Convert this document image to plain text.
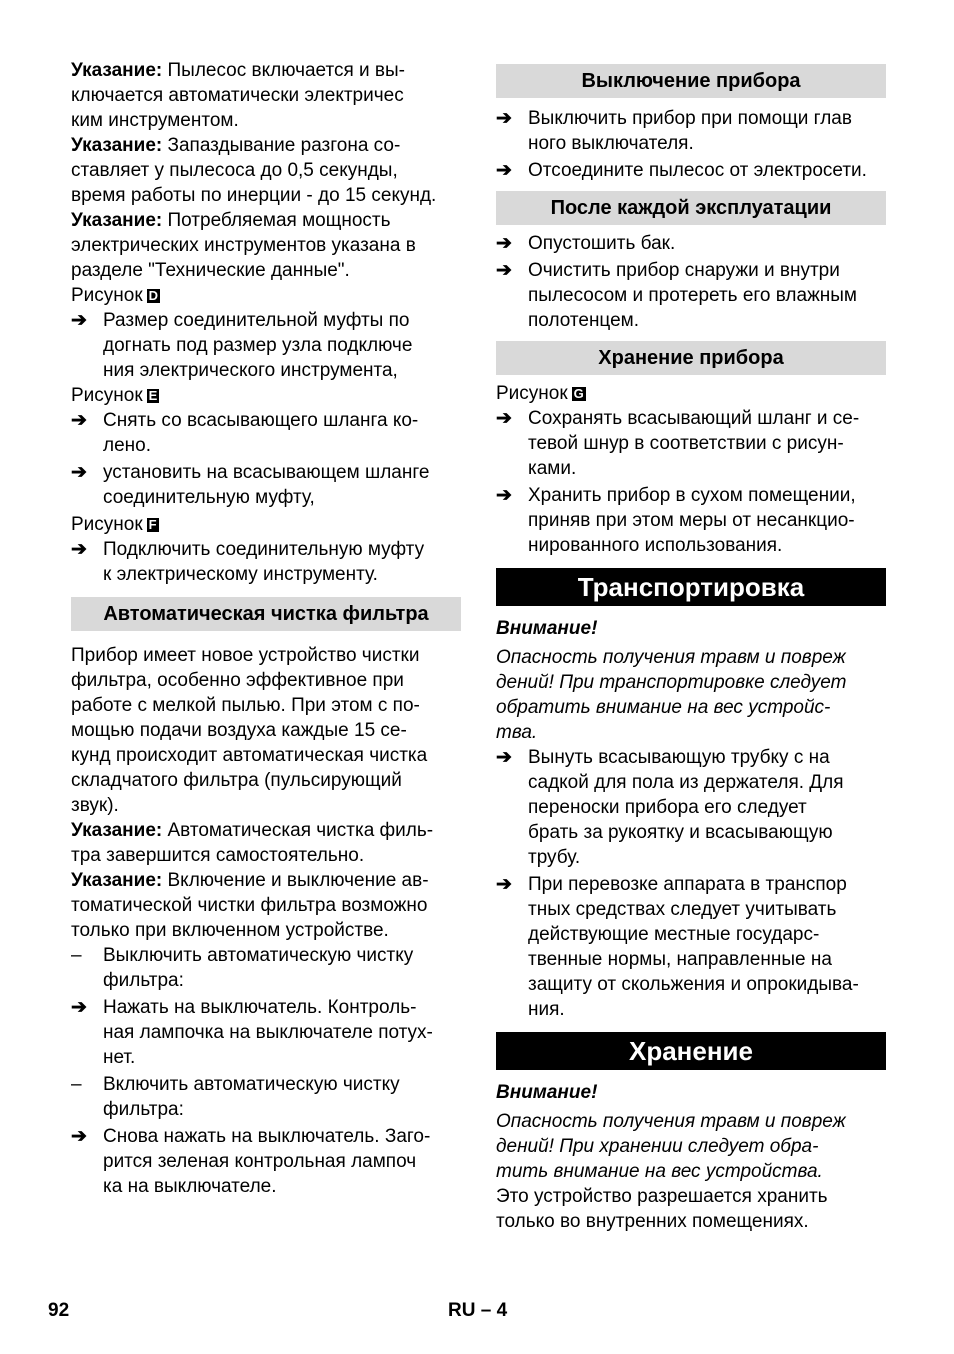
Указание: Пылесос включается и вы-

ключается автоматически электричес

ким инструментом.

Указание: Запаздывание разгона со-

ставляет у пылесоса до 0,5 секунды,

время работы по инерции - до 15 секунд.

Указание: Потребляемая мощность

электрических инструментов указана в

разделе "Технические данные".

Рисунок D

➔ Размер соединительной муфты по

догнать под размер узла подключе

ния электрического инструмента,

Рисунок E

➔ Снять со всасывающего шланга ко-

лено.

➔ установить на всасывающем шланге

соединительную муфту,

Рисунок F

➔ Подключить соединительную муфту

к электрическому инструменту.

Автоматическая чистка фильтра

Прибор имеет новое устройство чистки

фильтра, особенно эффективное при

работе с мелкой пылью. При этом с по-

мощью подачи воздуха каждые 15 се-

кунд происходит автоматическая чистка

складчатого фильтра (пульсирующий

звук).

Указание: Автоматическая чистка филь-

тра завершится самостоятельно.

Указание: Включение и выключение ав-

томатической чистки фильтра возможно

только при включенном устройстве.

–	Выключить автоматическую чистку

фильтра:

➔ Нажать на выключатель. Контроль-

ная лампочка на выключателе потух-

нет.

–	Включить автоматическую чистку

фильтра:

➔ Снова нажать на выключатель. Заго-

рится зеленая контрольная лампоч

ка на выключателе.

Выключение прибора
➔ Выключить прибор при помощи глав

ного выключателя.

➔ Отсоедините пылесос от электросети.

После каждой эксплуатации
➔ Опустошить бак.

➔ Очистить прибор снаружи и внутри

пылесосом и протереть его влажным

полотенцем.

Хранение прибора

Рисунок G

➔ Сохранять всасывающий шланг и се-

тевой шнур в соответствии с рисун-

ками.

➔ Хранить прибор в сухом помещении,

приняв при этом меры от несанкцио-

нированного использования.

Транспортировка

Внимание!

Опасность получения травм и повреж

дений! При транспортировке следует

обратить внимание на вес устройс-

тва.

➔ Вынуть всасывающую трубку с на

садкой для пола из держателя. Для

переноски прибора его следует

брать за рукоятку и всасывающую

трубу.

➔ При перевозке аппарата в транспор

тных средствах следует учитывать

действующие местные государс-

твенные нормы, направленные на

защиту от скольжения и опрокидыва-

ния.

Хранение

Внимание!

Опасность получения травм и повреж

дений! При хранении следует обра-

тить внимание на вес устройства.

Это устройство разрешается хранить

только во внутренних помещениях.

92	RU – 4
